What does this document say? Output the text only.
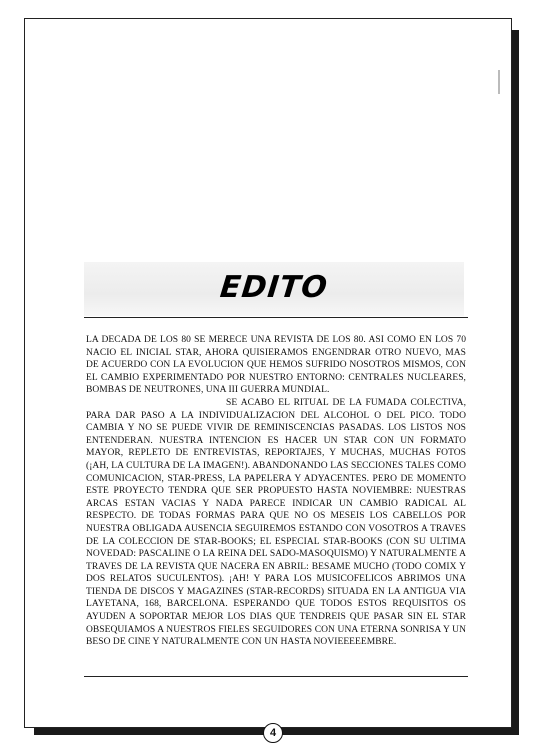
EDITO

LA DECADA DE LOS 80 SE MERECE UNA REVISTA DE LOS 80. ASI COMO EN LOS 70 NACIO EL INICIAL STAR, AHORA QUISIERAMOS ENGENDRAR OTRO NUEVO, MAS DE ACUERDO CON LA EVOLUCION QUE HEMOS SUFRIDO NOSOTROS MISMOS, CON EL CAMBIO EXPERIMENTADO POR NUESTRO ENTORNO: CENTRALES NUCLEARES, BOMBAS DE NEUTRONES, UNA III GUERRA MUNDIAL.

SE ACABO EL RITUAL DE LA FUMADA COLECTIVA, PARA DAR PASO A LA INDIVIDUALIZACION DEL ALCOHOL O DEL PICO. TODO CAMBIA Y NO SE PUEDE VIVIR DE REMINISCENCIAS PASADAS. LOS LISTOS NOS ENTENDERAN. NUESTRA INTENCION ES HACER UN STAR CON UN FORMATO MAYOR, REPLETO DE ENTREVISTAS, REPORTAJES, Y MUCHAS, MUCHAS FOTOS (¡AH, LA CULTURA DE LA IMAGEN!). ABANDONANDO LAS SECCIONES TALES COMO COMUNICACION, STAR-PRESS, LA PAPELERA Y ADYACENTES. PERO DE MOMENTO ESTE PROYECTO TENDRA QUE SER PROPUESTO HASTA NOVIEMBRE: NUESTRAS ARCAS ESTAN VACIAS Y NADA PARECE INDICAR UN CAMBIO RADICAL AL RESPECTO. DE TODAS FORMAS PARA QUE NO OS MESEIS LOS CABELLOS POR NUESTRA OBLIGADA AUSENCIA SEGUIREMOS ESTANDO CON VOSOTROS A TRAVES DE LA COLECCION DE STAR-BOOKS; EL ESPECIAL STAR-BOOKS (CON SU ULTIMA NOVEDAD: PASCALINE O LA REINA DEL SADO-MASOQUISMO) Y NATURALMENTE A TRAVES DE LA REVISTA QUE NACERA EN ABRIL: BESAME MUCHO (TODO COMIX Y DOS RELATOS SUCULENTOS). ¡AH! Y PARA LOS MUSICOFELICOS ABRIMOS UNA TIENDA DE DISCOS Y MAGAZINES (STAR-RECORDS) SITUADA EN LA ANTIGUA VIA LAYETANA, 168, BARCELONA. ESPERANDO QUE TODOS ESTOS REQUISITOS OS AYUDEN A SOPORTAR MEJOR LOS DIAS QUE TENDREIS QUE PASAR SIN EL STAR OBSEQUIAMOS A NUESTROS FIELES SEGUIDORES CON UNA ETERNA SONRISA Y UN BESO DE CINE Y NATURALMENTE CON UN HASTA NOVIEEEEEMBRE.

4
